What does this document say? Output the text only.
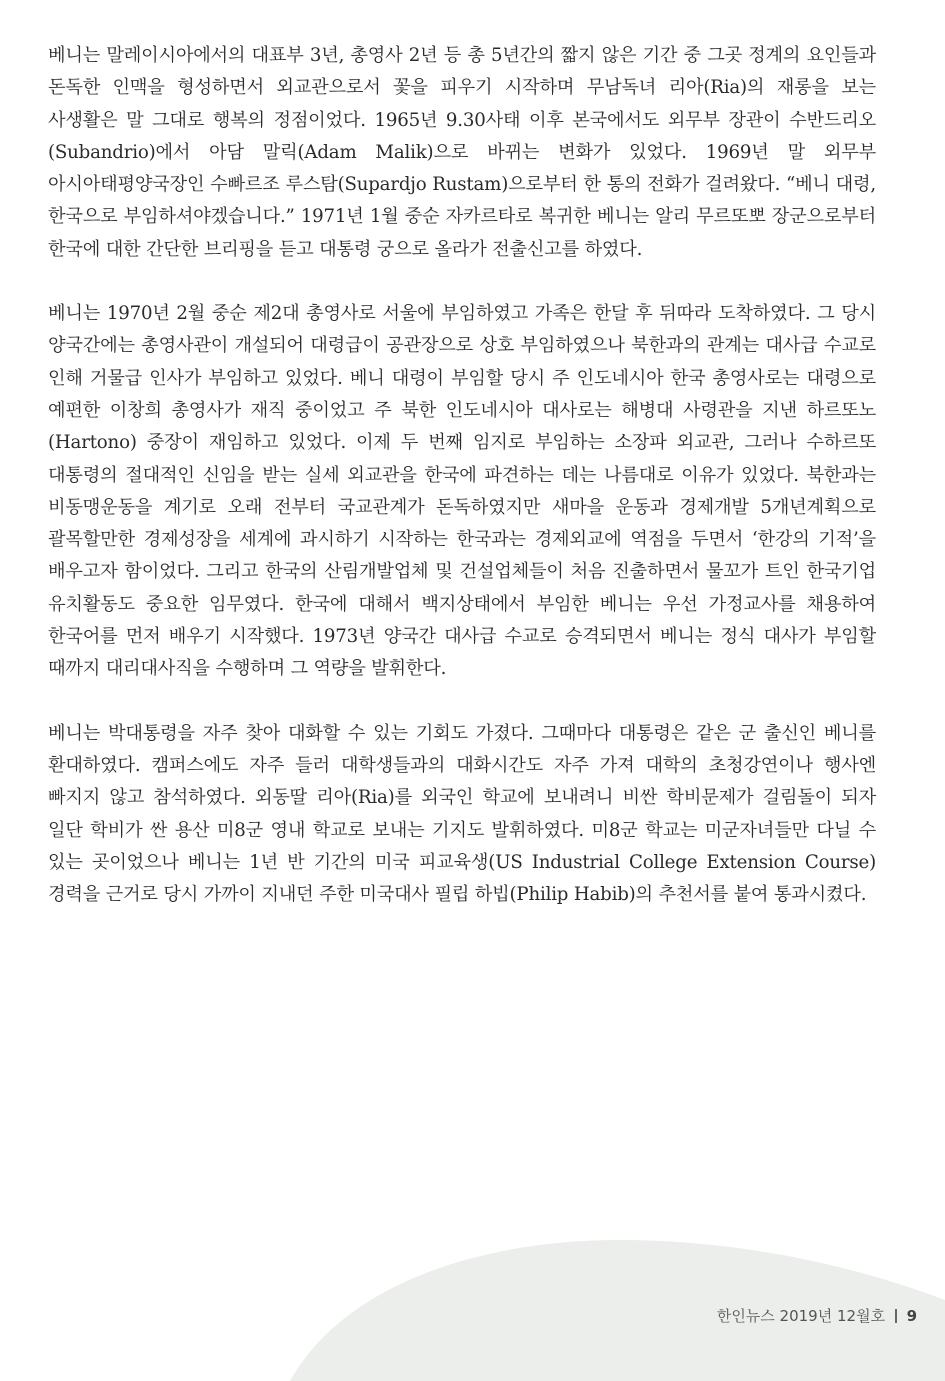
베니는 말레이시아에서의 대표부 3년, 총영사 2년 등 총 5년간의 짧지 않은 기간 중 그곳 정계의 요인들과 돈독한 인맥을 형성하면서 외교관으로서 꽃을 피우기 시작하며 무남독녀 리아(Ria)의 재롱을 보는 사생활은 말 그대로 행복의 정점이었다. 1965년 9.30사태 이후 본국에서도 외무부 장관이 수반드리오(Subandrio)에서 아담 말릭(Adam Malik)으로 바뀌는 변화가 있었다. 1969년 말 외무부 아시아태평양국장인 수빠르조 루스탐(Supardjo Rustam)으로부터 한 통의 전화가 걸려왔다. “베니 대령, 한국으로 부임하셔야겠습니다.” 1971년 1월 중순 자카르타로 복귀한 베니는 알리 무르또뽀 장군으로부터 한국에 대한 간단한 브리핑을 듣고 대통령 궁으로 올라가 전출신고를 하였다.

베니는 1970년 2월 중순 제2대 총영사로 서울에 부임하였고 가족은 한달 후 뒤따라 도착하였다. 그 당시 양국간에는 총영사관이 개설되어 대령급이 공관장으로 상호 부임하였으나 북한과의 관계는 대사급 수교로 인해 거물급 인사가 부임하고 있었다. 베니 대령이 부임할 당시 주 인도네시아 한국 총영사로는 대령으로 예편한 이창희 총영사가 재직 중이었고 주 북한 인도네시아 대사로는 해병대 사령관을 지낸 하르또노(Hartono) 중장이 재임하고 있었다. 이제 두 번째 임지로 부임하는 소장파 외교관, 그러나 수하르또 대통령의 절대적인 신임을 받는 실세 외교관을 한국에 파견하는 데는 나름대로 이유가 있었다. 북한과는 비동맹운동을 계기로 오래 전부터 국교관계가 돈독하였지만 새마을 운동과 경제개발 5개년계획으로 괄목할만한 경제성장을 세계에 과시하기 시작하는 한국과는 경제외교에 역점을 두면서 ‘한강의 기적’을 배우고자 함이었다. 그리고 한국의 산림개발업체 및 건설업체들이 처음 진출하면서 물꼬가 트인 한국기업 유치활동도 중요한 임무였다. 한국에 대해서 백지상태에서 부임한 베니는 우선 가정교사를 채용하여 한국어를 먼저 배우기 시작했다. 1973년 양국간 대사급 수교로 승격되면서 베니는 정식 대사가 부임할 때까지 대리대사직을 수행하며 그 역량을 발휘한다.

베니는 박대통령을 자주 찾아 대화할 수 있는 기회도 가졌다. 그때마다 대통령은 같은 군 출신인 베니를 환대하였다. 캠퍼스에도 자주 들러 대학생들과의 대화시간도 자주 가져 대학의 초청강연이나 행사엔 빠지지 않고 참석하였다. 외동딸 리아(Ria)를 외국인 학교에 보내려니 비싼 학비문제가 걸림돌이 되자 일단 학비가 싼 용산 미8군 영내 학교로 보내는 기지도 발휘하였다. 미8군 학교는 미군자녀들만 다닐 수 있는 곳이었으나 베니는 1년 반 기간의 미국 피교육생(US Industrial College Extension Course) 경력을 근거로 당시 가까이 지내던 주한 미국대사 필립 하빕(Philip Habib)의 추천서를 붙여 통과시켰다.

한인뉴스 2019년 12월호 9
